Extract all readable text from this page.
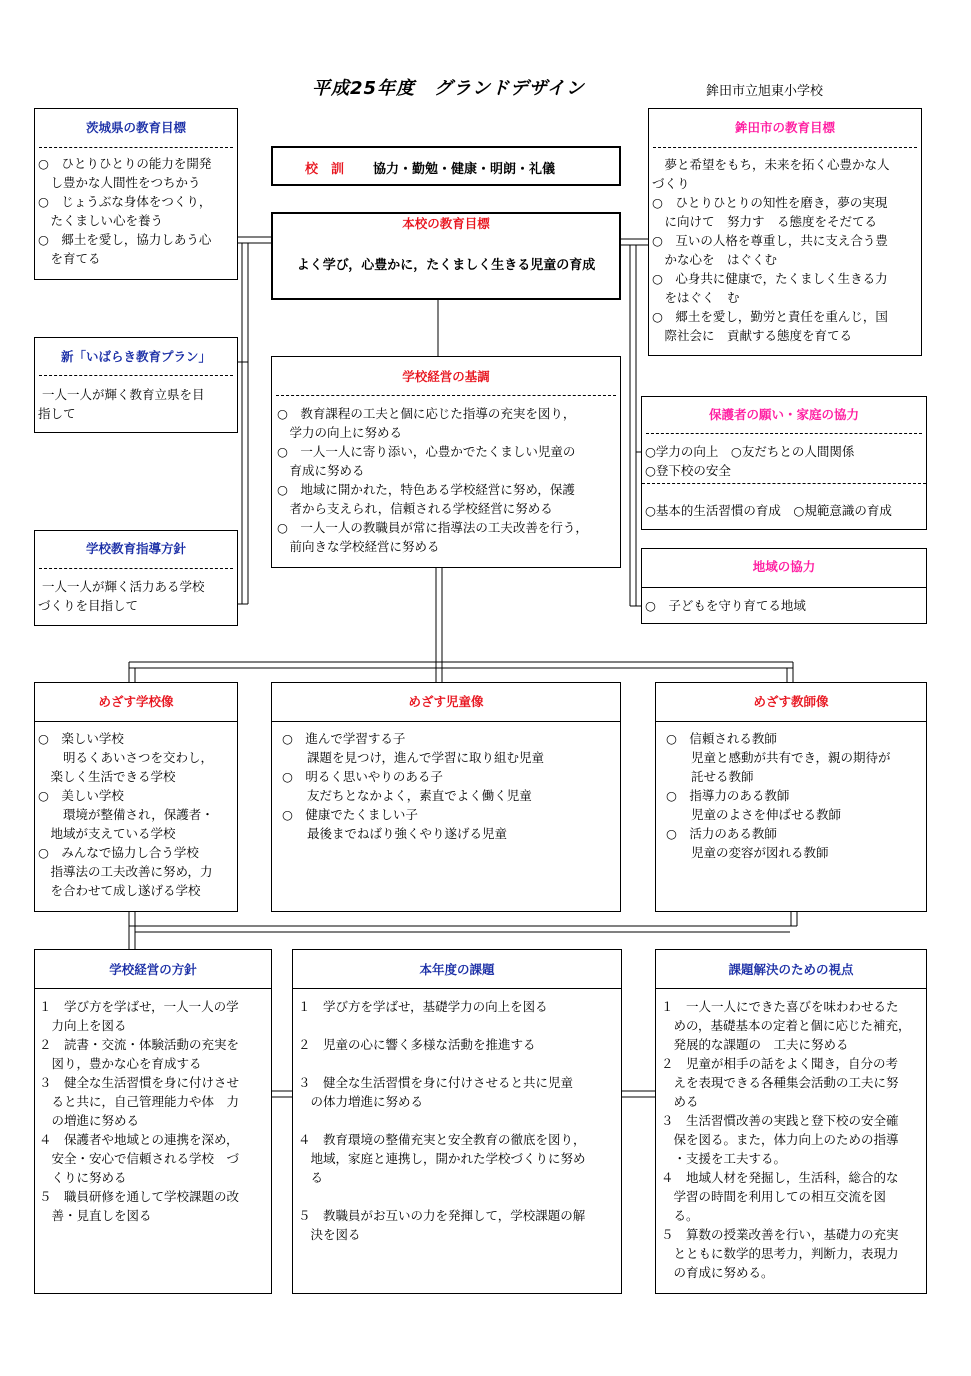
平成25年度　グランドデザイン	鉾田市立旭東小学校
茨城県の教育目標
○　ひとりひとりの能力を開発
　し豊かな人間性をつちかう
○　じょうぶな身体をつくり，
　たくましい心を養う
○　郷土を愛し，協力しあう心
　を育てる
新「いばらき教育プラン」
一人一人が輝く教育立県を目
指して
学校教育指導方針
一人一人が輝く活力ある学校
づくりを目指して
校　訓 協力・勤勉・健康・明朗・礼儀
本校の教育目標
よく学び，心豊かに，たくましく生きる児童の育成
学校経営の基調
○　教育課程の工夫と個に応じた指導の充実を図り，
　学力の向上に努める
○　一人一人に寄り添い，心豊かでたくましい児童の
　育成に努める
○　地域に開かれた，特色ある学校経営に努め，保護
　者から支えられ，信頼される学校経営に努める
○　一人一人の教職員が常に指導法の工夫改善を行う，
　前向きな学校経営に努める
鉾田市の教育目標
　夢と希望をもち，未来を拓く心豊かな人
づくり
○　ひとりひとりの知性を磨き，夢の実現
　に向けて　努力す　る態度をそだてる
○　互いの人格を尊重し，共に支え合う豊
　かな心を　はぐくむ
○　心身共に健康で，たくましく生きる力
　をはぐく　む
○　郷土を愛し，勤労と責任を重んじ，国
　際社会に　貢献する態度を育てる
保護者の願い・家庭の協力
○学力の向上　○友だちとの人間関係
○登下校の安全
○基本的生活習慣の育成　○規範意識の育成
地域の協力
○　子どもを守り育てる地域
めざす学校像
○　楽しい学校
　　明るくあいさつを交わし，
　楽しく生活できる学校
○　美しい学校
　　環境が整備され，保護者・
　地域が支えている学校
○　みんなで協力し合う学校
　指導法の工夫改善に努め，力
　を合わせて成し遂げる学校
めざす児童像
○　進んで学習する子
　　課題を見つけ，進んで学習に取り組む児童
○　明るく思いやりのある子
　　友だちとなかよく，素直でよく働く児童
○　健康でたくましい子
　　最後までねばり強くやり遂げる児童
めざす教師像
○　信頼される教師
　　児童と感動が共有でき，親の期待が
　　託せる教師
○　指導力のある教師
　　児童のよさを伸ばせる教師
○　活力のある教師
　　児童の変容が図れる教師
学校経営の方針
１　学び方を学ばせ，一人一人の学
　力向上を図る
２　読書・交流・体験活動の充実を
　図り，豊かな心を育成する
３　健全な生活習慣を身に付けさせ
　ると共に，自己管理能力や体　力
　の増進に努める
４　保護者や地域との連携を深め，
　安全・安心で信頼される学校　づ
　くりに努める
５　職員研修を通して学校課題の改
　善・見直しを図る
本年度の課題
１　学び方を学ばせ，基礎学力の向上を図る

２　児童の心に響く多様な活動を推進する

３　健全な生活習慣を身に付けさせると共に児童
　の体力増進に努める

４　教育環境の整備充実と安全教育の徹底を図り，
　地域，家庭と連携し，開かれた学校づくりに努め
　る

５　教職員がお互いの力を発揮して，学校課題の解
　決を図る
課題解決のための視点
１　一人一人にできた喜びを味わわせるた
　めの，基礎基本の定着と個に応じた補充，
　発展的な課題の　工夫に努める
２　児童が相手の話をよく聞き，自分の考
　えを表現できる各種集会活動の工夫に努
　める
３　生活習慣改善の実践と登下校の安全確
　保を図る。また，体力向上のための指導
　・支援を工夫する。
４　地域人材を発掘し，生活科，総合的な
　学習の時間を利用しての相互交流を図
　る。
５　算数の授業改善を行い，基礎力の充実
　とともに数学的思考力，判断力，表現力
　の育成に努める。
